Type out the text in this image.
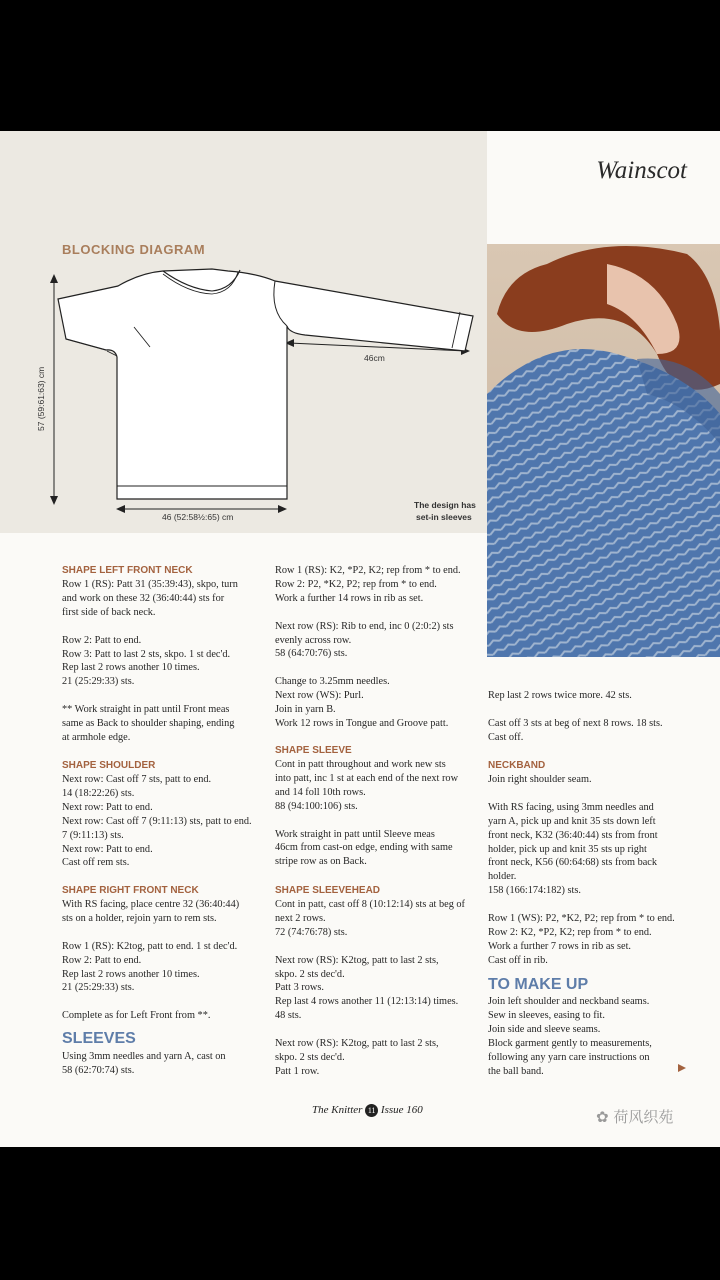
BLOCKING DIAGRAM
57 (59:61:63) cm
46 (52:58½:65) cm
46cm
The design has
set-in sleeves
Wainscot
SHAPE LEFT FRONT NECK
Row 1 (RS): Patt 31 (35:39:43), skpo, turn
and work on these 32 (36:40:44) sts for
first side of back neck.

Row 2: Patt to end.
Row 3: Patt to last 2 sts, skpo. 1 st dec'd.
Rep last 2 rows another 10 times.
21 (25:29:33) sts.

** Work straight in patt until Front meas
same as Back to shoulder shaping, ending
at armhole edge.
SHAPE SHOULDER
Next row: Cast off 7 sts, patt to end.
14 (18:22:26) sts.
Next row: Patt to end.
Next row: Cast off 7 (9:11:13) sts, patt to end.
7 (9:11:13) sts.
Next row: Patt to end.
Cast off rem sts.
SHAPE RIGHT FRONT NECK
With RS facing, place centre 32 (36:40:44)
sts on a holder, rejoin yarn to rem sts.

Row 1 (RS): K2tog, patt to end. 1 st dec'd.
Row 2: Patt to end.
Rep last 2 rows another 10 times.
21 (25:29:33) sts.

Complete as for Left Front from **.
SLEEVES
Using 3mm needles and yarn A, cast on
58 (62:70:74) sts.
Row 1 (RS): K2, *P2, K2; rep from * to end.
Row 2: P2, *K2, P2; rep from * to end.
Work a further 14 rows in rib as set.

Next row (RS): Rib to end, inc 0 (2:0:2) sts
evenly across row.
58 (64:70:76) sts.

Change to 3.25mm needles.
Next row (WS): Purl.
Join in yarn B.
Work 12 rows in Tongue and Groove patt.
SHAPE SLEEVE
Cont in patt throughout and work new sts
into patt, inc 1 st at each end of the next row
and 14 foll 10th rows.
88 (94:100:106) sts.

Work straight in patt until Sleeve meas
46cm from cast-on edge, ending with same
stripe row as on Back.
SHAPE SLEEVEHEAD
Cont in patt, cast off 8 (10:12:14) sts at beg of
next 2 rows.
72 (74:76:78) sts.

Next row (RS): K2tog, patt to last 2 sts,
skpo. 2 sts dec'd.
Patt 3 rows.
Rep last 4 rows another 11 (12:13:14) times.
48 sts.

Next row (RS): K2tog, patt to last 2 sts,
skpo. 2 sts dec'd.
Patt 1 row.
Rep last 2 rows twice more. 42 sts.

Cast off 3 sts at beg of next 8 rows. 18 sts.
Cast off.
NECKBAND
Join right shoulder seam.

With RS facing, using 3mm needles and
yarn A, pick up and knit 35 sts down left
front neck, K32 (36:40:44) sts from front
holder, pick up and knit 35 sts up right
front neck, K56 (60:64:68) sts from back
holder.
158 (166:174:182) sts.

Row 1 (WS): P2, *K2, P2; rep from * to end.
Row 2: K2, *P2, K2; rep from * to end.
Work a further 7 rows in rib as set.
Cast off in rib.
TO MAKE UP
Join left shoulder and neckband seams.
Sew in sleeves, easing to fit.
Join side and sleeve seams.
Block garment gently to measurements,
following any yarn care instructions on
the ball band.
The Knitter 11 Issue 160	✿ 荷风织苑
